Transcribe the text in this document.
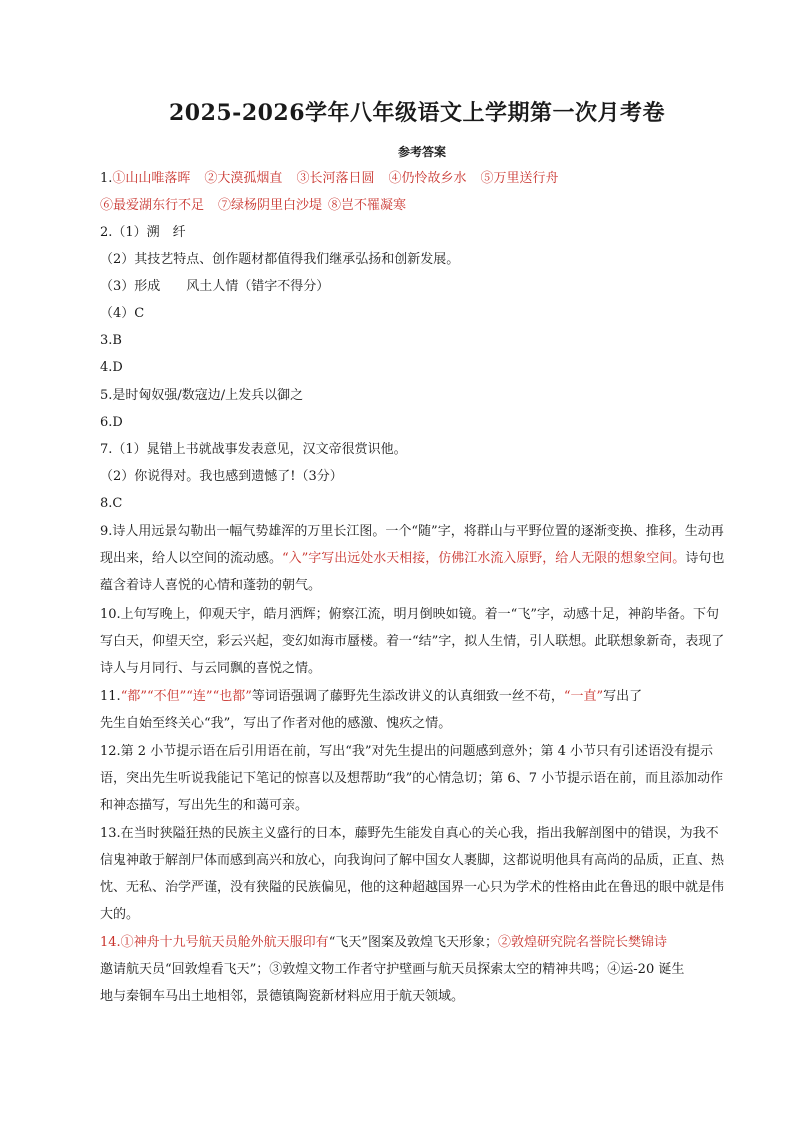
2025-2026学年八年级语文上学期第一次月考卷
参考答案
1.①山山唯落晖 ②大漠孤烟直 ③长河落日圆 ④仍怜故乡水 ⑤万里送行舟
⑥最爱湖东行不足 ⑦绿杨阴里白沙堤 ⑧岂不罹凝寒
2.（1）溯　纤
（2）其技艺特点、创作题材都值得我们继承弘扬和创新发展。
（3）形成　　风土人情（错字不得分）
（4）C
3.B
4.D
5.是时匈奴强/数寇边/上发兵以御之
6.D
7.（1）晁错上书就战事发表意见，汉文帝很赏识他。
（2）你说得对。我也感到遗憾了!（3分）
8.C
9.诗人用远景勾勒出一幅气势雄浑的万里长江图。一个“随”字，将群山与平野位置的逐渐变换、推移，生动再现出来，给人以空间的流动感。“入”字写出远处水天相接，仿佛江水流入原野，给人无限的想象空间。诗句也蕴含着诗人喜悦的心情和蓬勃的朝气。
10.上句写晚上，仰观天宇，皓月洒辉；俯察江流，明月倒映如镜。着一“飞”字，动感十足，神韵毕备。下句写白天，仰望天空，彩云兴起，变幻如海市蜃楼。着一“结”字，拟人生情，引人联想。此联想象新奇，表现了诗人与月同行、与云同飘的喜悦之情。
11.“都”“不但”“连”“也都”等词语强调了藤野先生添改讲义的认真细致一丝不苟，“一直”写出了
先生自始至终关心“我”，写出了作者对他的感激、愧疚之情。
12.第 2 小节提示语在后引用语在前，写出“我”对先生提出的问题感到意外；第 4 小节只有引述语没有提示语，突出先生听说我能记下笔记的惊喜以及想帮助“我”的心情急切；第 6、7 小节提示语在前，而且添加动作和神态描写，写出先生的和蔼可亲。
13.在当时狭隘狂热的民族主义盛行的日本，藤野先生能发自真心的关心我，指出我解剖图中的错误，为我不信鬼神敢于解剖尸体而感到高兴和放心，向我询问了解中国女人裹脚，这都说明他具有高尚的品质，正直、热忱、无私、治学严谨，没有狭隘的民族偏见，他的这种超越国界一心只为学术的性格由此在鲁迅的眼中就是伟大的。
14.①神舟十九号航天员舱外航天服印有“飞天”图案及敦煌飞天形象；②敦煌研究院名誉院长樊锦诗
邀请航天员“回敦煌看飞天”；③敦煌文物工作者守护壁画与航天员探索太空的精神共鸣；④运-20 诞生
地与秦铜车马出土地相邻，景德镇陶瓷新材料应用于航天领域。
